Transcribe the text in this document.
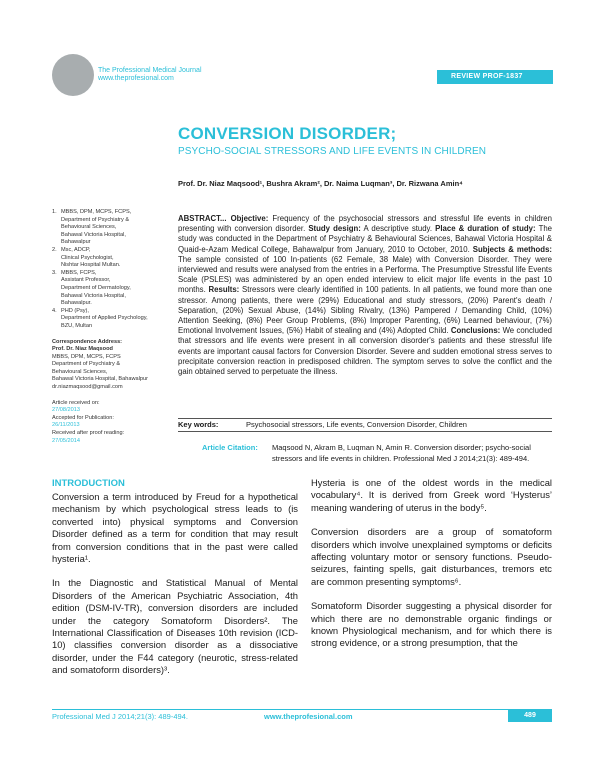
The Professional Medical Journal
www.theprofesional.com	REVIEW PROF-1837
CONVERSION DISORDER;
PSYCHO-SOCIAL STRESSORS AND LIFE EVENTS IN CHILDREN
Prof. Dr. Niaz Maqsood¹, Bushra Akram², Dr. Naima Luqman³, Dr. Rizwana Amin⁴
1. MBBS, DPM, MCPS, FCPS,
Department of Psychiatry &
Behavioural Sciences,
Bahawal Victoria Hospital,
Bahawalpur
2. Msc, ADCP,
Clinical Psychologist,
Nishtar Hospital Multan.
3. MBBS, FCPS,
Assistant Professor,
Department of Dermatology,
Bahawal Victoria Hospital,
Bahawalpur.
4. PHD (Psy),
Department of Applied Psychology,
BZU, Multan
Correspondence Address:
Prof. Dr. Niaz Maqsood
MBBS, DPM, MCPS, FCPS
Department of Psychiatry &
Behavioural Sciences,
Bahawal Victoria Hospital, Bahawalpur
dr.niazmaqsood@gmail.com
Article received on:
27/08/2013
Accepted for Publication:
26/11/2013
Received after proof reading:
27/05/2014
ABSTRACT... Objective: Frequency of the psychosocial stressors and stressful life events in children presenting with conversion disorder. Study design: A descriptive study. Place & duration of study: The study was conducted in the Department of Psychiatry & Behavioural Sciences, Bahawal Victoria Hospital & Quaid-e-Azam Medical College, Bahawalpur from January, 2010 to October, 2010. Subjects & methods: The sample consisted of 100 In-patients (62 Female, 38 Male) with Conversion Disorder. They were interviewed and results were analysed from the entries in a Performa. The Presumptive Stressful life Events Scale (PSLES) was administered by an open ended interview to elicit major life events in the past 10 months. Results: Stressors were clearly identified in 100 patients. In all patients, we found more than one stressor. Among patients, there were (29%) Educational and study stressors, (20%) Parent's death / Separation, (20%) Sexual Abuse, (14%) Sibling Rivalry, (13%) Pampered / Demanding Child, (10%) Attention Seeking, (8%) Peer Group Problems, (8%) Improper Parenting, (6%) Learned behaviour, (7%) Emotional Involvement Issues, (5%) Habit of stealing and (4%) Adopted Child. Conclusions: We concluded that stressors and life events were present in all conversion disorder's patients and these stressful life events are important causal factors for Conversion Disorder. Severe and sudden emotional stress serves to precipitate conversion reaction in predisposed children. The symptom serves to solve the conflict and the gain obtained served to perpetuate the illness.
Key words:	Psychosocial stressors, Life events, Conversion Disorder, Children
Article Citation:	Maqsood N, Akram B, Luqman N, Amin R. Conversion disorder; psycho-social stressors and life events in children. Professional Med J 2014;21(3): 489-494.
INTRODUCTION

Conversion a term introduced by Freud for a hypothetical mechanism by which psychological stress leads to (is converted into) physical symptoms and Conversion Disorder defined as a term for condition that may result from conversion conditions that in the past were called hysteria¹.

In the Diagnostic and Statistical Manual of Mental Disorders of the American Psychiatric Association, 4th edition (DSM-IV-TR), conversion disorders are included under the category Somatoform Disorders². The International Classification of Diseases 10th revision (ICD-10) classifies conversion disorder as a dissociative disorder, under the F44 category (neurotic, stress-related and somatoform disorders)³.

Hysteria is one of the oldest words in the medical vocabulary⁴. It is derived from Greek word ‘Hysterus’ meaning wandering of uterus in the body⁵.

Conversion disorders are a group of somatoform disorders which involve unexplained symptoms or deficits affecting voluntary motor or sensory functions. Pseudo-seizures, fainting spells, gait disturbances, tremors etc are common presenting symptoms⁶.

Somatoform Disorder suggesting a physical disorder for which there are no demonstrable organic findings or known Physiological mechanism, and for which there is strong evidence, or a strong presumption, that the

Professional Med J 2014;21(3): 489-494.	www.theprofesional.com	489
